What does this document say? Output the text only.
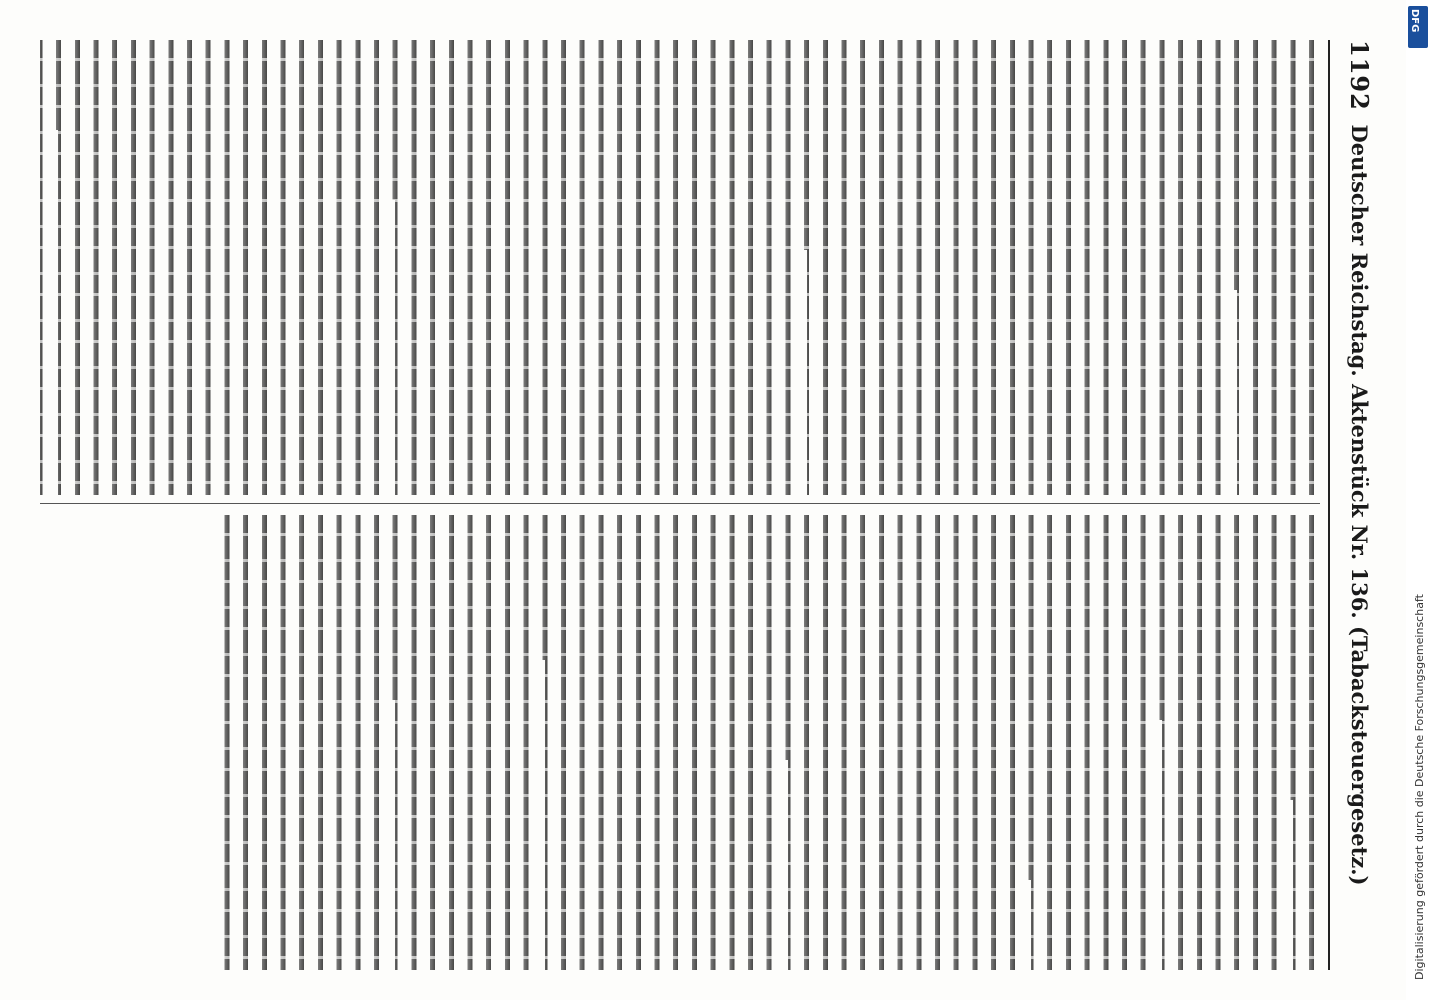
1192
Deutscher Reichstag. Aktenstück Nr. 136. (Tabacksteuergesetz.)
DFG
Digitalisierung gefördert durch die Deutsche Forschungsgemeinschaft
